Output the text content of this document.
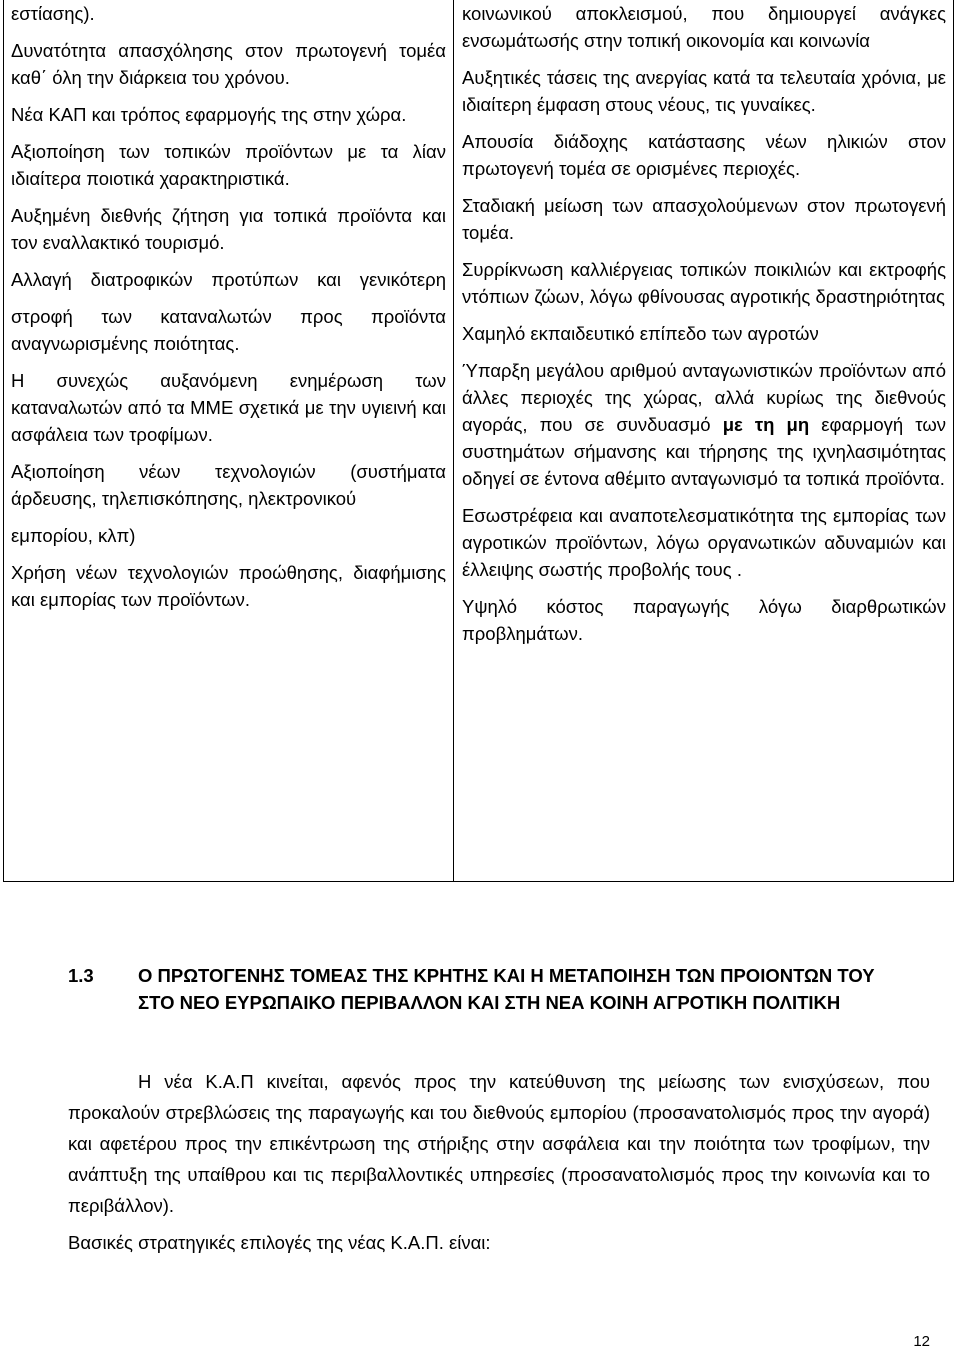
εστίασης).

Δυνατότητα απασχόλησης στον πρωτογενή τομέα καθ΄ όλη την διάρκεια του χρόνου.

Νέα ΚΑΠ και τρόπος εφαρμογής της στην χώρα.

Αξιοποίηση των τοπικών προϊόντων με τα λίαν ιδιαίτερα ποιοτικά χαρακτηριστικά.

Αυξημένη διεθνής ζήτηση για τοπικά προϊόντα και τον εναλλακτικό τουρισμό.

Αλλαγή διατροφικών προτύπων και γενικότερη

στροφή των καταναλωτών προς προϊόντα αναγνωρισμένης ποιότητας.

Η συνεχώς αυξανόμενη ενημέρωση των καταναλωτών από τα ΜΜΕ σχετικά με την υγιεινή και ασφάλεια των τροφίμων.

Αξιοποίηση νέων τεχνολογιών (συστήματα άρδευσης, τηλεπισκόπησης, ηλεκτρονικού

εμπορίου, κλπ)

Χρήση νέων τεχνολογιών προώθησης, διαφήμισης και εμπορίας των προϊόντων.

κοινωνικού αποκλεισμού, που δημιουργεί ανάγκες ενσωμάτωσής στην τοπική οικονομία και κοινωνία

Αυξητικές τάσεις της ανεργίας κατά τα τελευταία χρόνια, με ιδιαίτερη έμφαση στους νέους, τις γυναίκες.

Απουσία διάδοχης κατάστασης νέων ηλικιών στον πρωτογενή τομέα σε ορισμένες περιοχές.

Σταδιακή μείωση των απασχολούμενων στον πρωτογενή τομέα.

Συρρίκνωση καλλιέργειας τοπικών ποικιλιών και εκτροφής ντόπιων ζώων, λόγω φθίνουσας αγροτικής δραστηριότητας

Χαμηλό εκπαιδευτικό επίπεδο των αγροτών

Ύπαρξη μεγάλου αριθμού ανταγωνιστικών προϊόντων από άλλες περιοχές της χώρας, αλλά κυρίως της διεθνούς αγοράς, που σε συνδυασμό με τη μη εφαρμογή των συστημάτων σήμανσης και τήρησης της ιχνηλασιμότητας οδηγεί σε έντονα αθέμιτο ανταγωνισμό τα τοπικά προϊόντα.

Εσωστρέφεια και αναποτελεσματικότητα της εμπορίας των αγροτικών προϊόντων, λόγω οργανωτικών αδυναμιών και έλλειψης σωστής προβολής τους .

Υψηλό κόστος παραγωγής λόγω διαρθρωτικών προβλημάτων.

1.3	Ο ΠΡΩΤΟΓΕΝΗΣ ΤΟΜΕΑΣ ΤΗΣ ΚΡΗΤΗΣ ΚΑΙ Η ΜΕΤΑΠΟΙΗΣΗ ΤΩΝ ΠΡΟΙΟΝΤΩΝ ΤΟΥ ΣΤΟ ΝΕΟ ΕΥΡΩΠΑΙΚΟ ΠΕΡΙΒΑΛΛΟΝ ΚΑΙ ΣΤΗ ΝΕΑ ΚΟΙΝΗ ΑΓΡΟΤΙΚΗ ΠΟΛΙΤΙΚΗ

Η νέα Κ.Α.Π κινείται, αφενός προς την κατεύθυνση της μείωσης των ενισχύσεων, που προκαλούν στρεβλώσεις της παραγωγής και του διεθνούς εμπορίου (προσανατολισμός προς την αγορά) και αφετέρου προς την επικέντρωση της στήριξης στην ασφάλεια και την ποιότητα των τροφίμων, την ανάπτυξη της υπαίθρου και τις περιβαλλοντικές υπηρεσίες (προσανατολισμός προς την κοινωνία και το περιβάλλον).

Βασικές στρατηγικές επιλογές της νέας Κ.Α.Π. είναι:

12
